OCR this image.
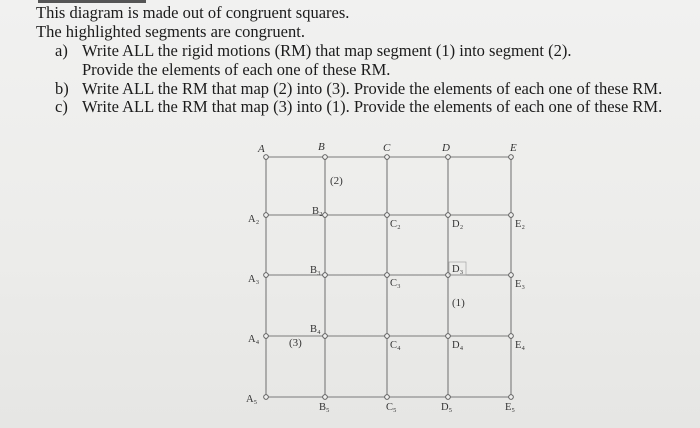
This diagram is made out of congruent squares.
The highlighted segments are congruent.
a) Write ALL the rigid motions (RM) that map segment (1) into segment (2).
Provide the elements of each one of these RM.
b) Write ALL the RM that map (2) into (3). Provide the elements of each one of these RM.
c) Write ALL the RM that map (3) into (1). Provide the elements of each one of these RM.
A	B	C	D	E
A₂
A₃
A₄
A₅
B₂
B₃
B₄
B₅
C₂
C₃
C₄
C₅
D₂
D₃
D₄
D₅
E₂
E₃
E₄
E₅
(1)
(2)
(3)
